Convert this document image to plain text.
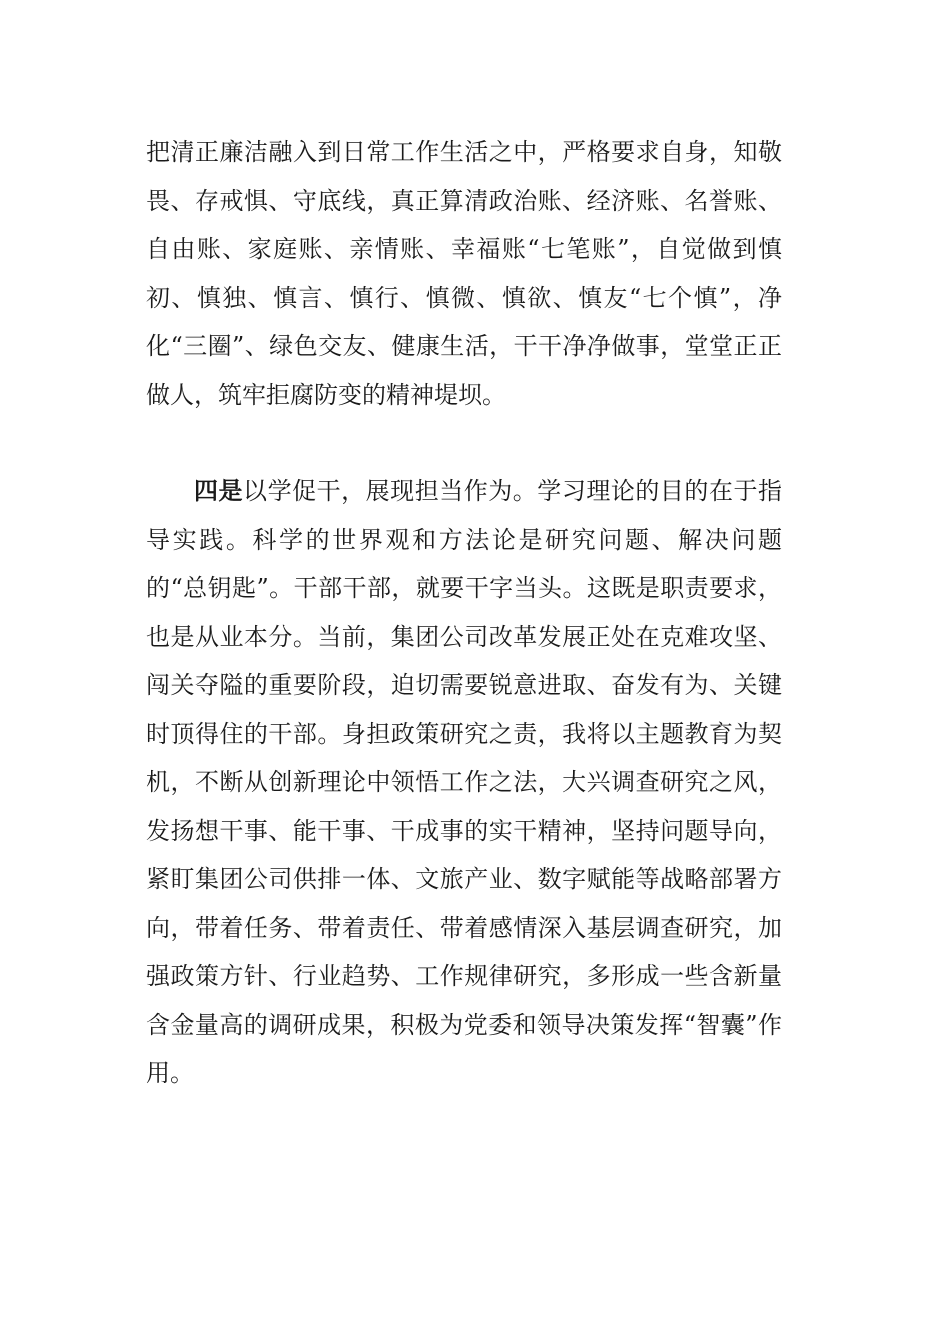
把清正廉洁融入到日常工作生活之中，严格要求自身，知敬畏、存戒惧、守底线，真正算清政治账、经济账、名誉账、自由账、家庭账、亲情账、幸福账“七笔账”，自觉做到慎初、慎独、慎言、慎行、慎微、慎欲、慎友“七个慎”，净化“三圈”、绿色交友、健康生活，干干净净做事，堂堂正正做人，筑牢拒腐防变的精神堤坝。

四是以学促干，展现担当作为。学习理论的目的在于指导实践。科学的世界观和方法论是研究问题、解决问题的“总钥匙”。干部干部，就要干字当头。这既是职责要求，也是从业本分。当前，集团公司改革发展正处在克难攻坚、闯关夺隘的重要阶段，迫切需要锐意进取、奋发有为、关键时顶得住的干部。身担政策研究之责，我将以主题教育为契机，不断从创新理论中领悟工作之法，大兴调查研究之风，发扬想干事、能干事、干成事的实干精神，坚持问题导向，紧盯集团公司供排一体、文旅产业、数字赋能等战略部署方向，带着任务、带着责任、带着感情深入基层调查研究，加强政策方针、行业趋势、工作规律研究，多形成一些含新量含金量高的调研成果，积极为党委和领导决策发挥“智囊”作用。
